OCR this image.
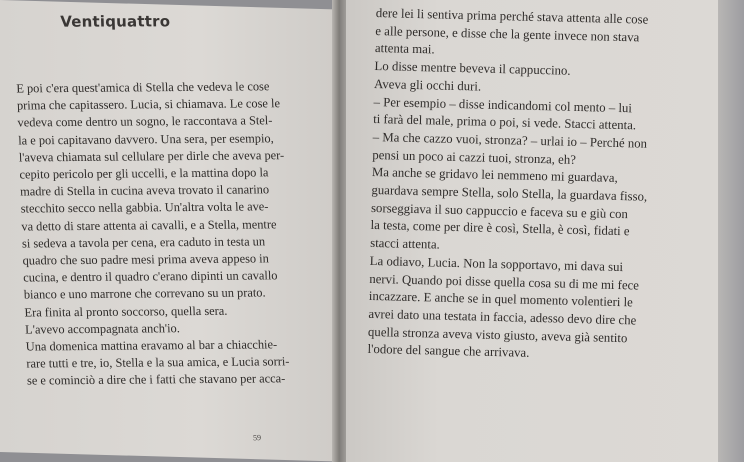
Ventiquattro

E poi c'era quest'amica di Stella che vedeva le cose

prima che capitassero. Lucia, si chiamava. Le cose le

vedeva come dentro un sogno, le raccontava a Stel-

la e poi capitavano davvero. Una sera, per esempio,

l'aveva chiamata sul cellulare per dirle che aveva per-

cepito pericolo per gli uccelli, e la mattina dopo la

madre di Stella in cucina aveva trovato il canarino

stecchito secco nella gabbia. Un'altra volta le ave-

va detto di stare attenta ai cavalli, e a Stella, mentre

si sedeva a tavola per cena, era caduto in testa un

quadro che suo padre mesi prima aveva appeso in

cucina, e dentro il quadro c'erano dipinti un cavallo

bianco e uno marrone che correvano su un prato.

Era finita al pronto soccorso, quella sera.

L'avevo accompagnata anch'io.

Una domenica mattina eravamo al bar a chiacchie-

rare tutti e tre, io, Stella e la sua amica, e Lucia sorri-

se e cominciò a dire che i fatti che stavano per acca-

59

dere lei li sentiva prima perché stava attenta alle cose

e alle persone, e disse che la gente invece non stava

attenta mai.

Lo disse mentre beveva il cappuccino.

Aveva gli occhi duri.

– Per esempio – disse indicandomi col mento – lui

ti farà del male, prima o poi, si vede. Stacci attenta.

– Ma che cazzo vuoi, stronza? – urlai io – Perché non

pensi un poco ai cazzi tuoi, stronza, eh?

Ma anche se gridavo lei nemmeno mi guardava,

guardava sempre Stella, solo Stella, la guardava fisso,

sorseggiava il suo cappuccio e faceva su e giù con

la testa, come per dire è così, Stella, è così, fidati e

stacci attenta.

La odiavo, Lucia. Non la sopportavo, mi dava sui

nervi. Quando poi disse quella cosa su di me mi fece

incazzare. E anche se in quel momento volentieri le

avrei dato una testata in faccia, adesso devo dire che

quella stronza aveva visto giusto, aveva già sentito

l'odore del sangue che arrivava.
